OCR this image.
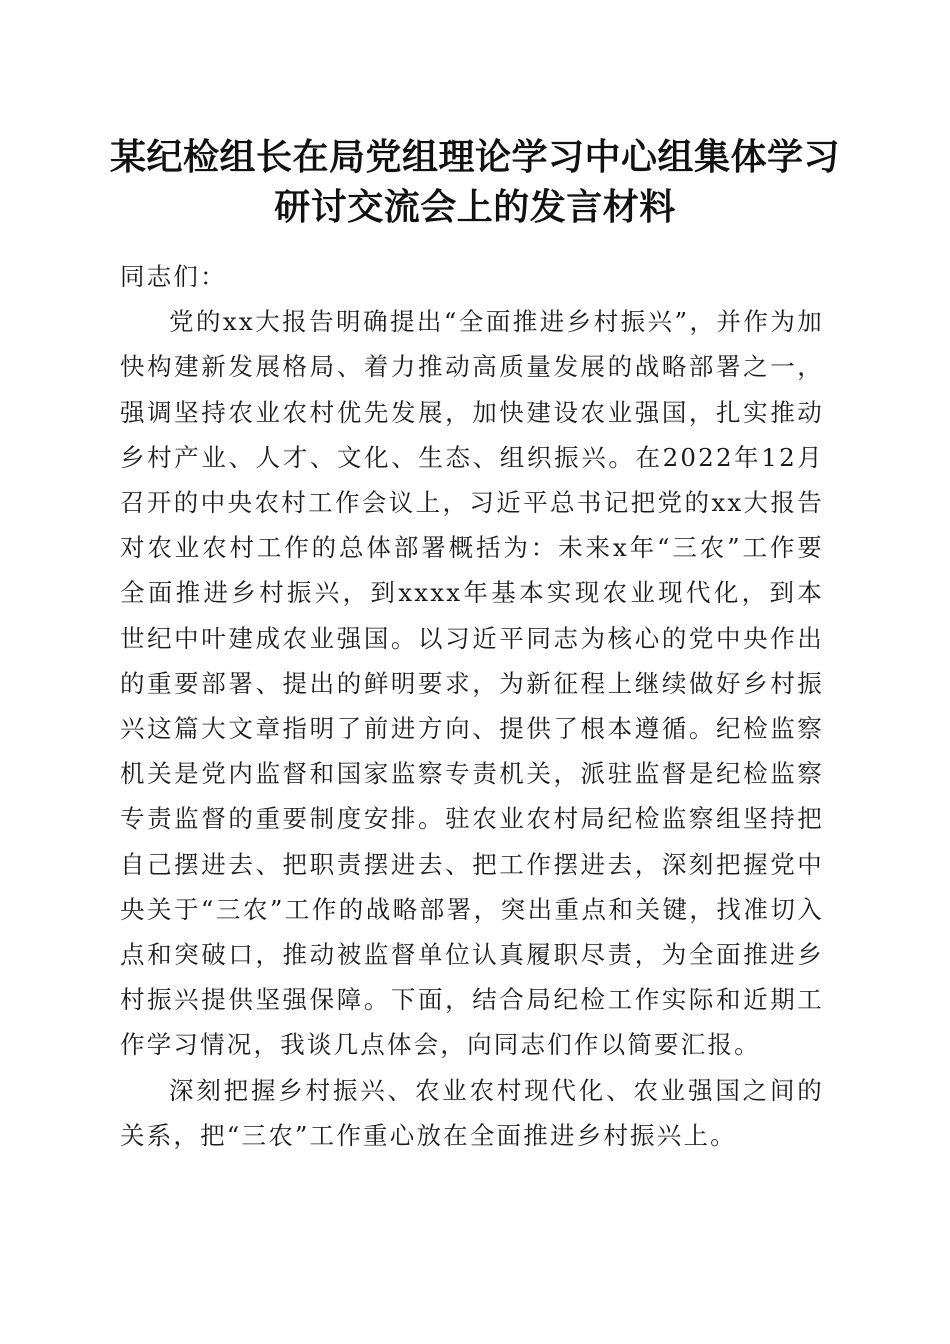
某纪检组长在局党组理论学习中心组集体学习
研讨交流会上的发言材料

同志们：

党的xx大报告明确提出“全面推进乡村振兴”，并作为加快构建新发展格局、着力推动高质量发展的战略部署之一，强调坚持农业农村优先发展，加快建设农业强国，扎实推动乡村产业、人才、文化、生态、组织振兴。在2022年12月召开的中央农村工作会议上，习近平总书记把党的xx大报告对农业农村工作的总体部署概括为：未来x年“三农”工作要全面推进乡村振兴，到xxxx年基本实现农业现代化，到本世纪中叶建成农业强国。以习近平同志为核心的党中央作出的重要部署、提出的鲜明要求，为新征程上继续做好乡村振兴这篇大文章指明了前进方向、提供了根本遵循。纪检监察机关是党内监督和国家监察专责机关，派驻监督是纪检监察专责监督的重要制度安排。驻农业农村局纪检监察组坚持把自己摆进去、把职责摆进去、把工作摆进去，深刻把握党中央关于“三农”工作的战略部署，突出重点和关键，找准切入点和突破口，推动被监督单位认真履职尽责，为全面推进乡村振兴提供坚强保障。下面，结合局纪检工作实际和近期工作学习情况，我谈几点体会，向同志们作以简要汇报。

深刻把握乡村振兴、农业农村现代化、农业强国之间的关系，把“三农”工作重心放在全面推进乡村振兴上。
